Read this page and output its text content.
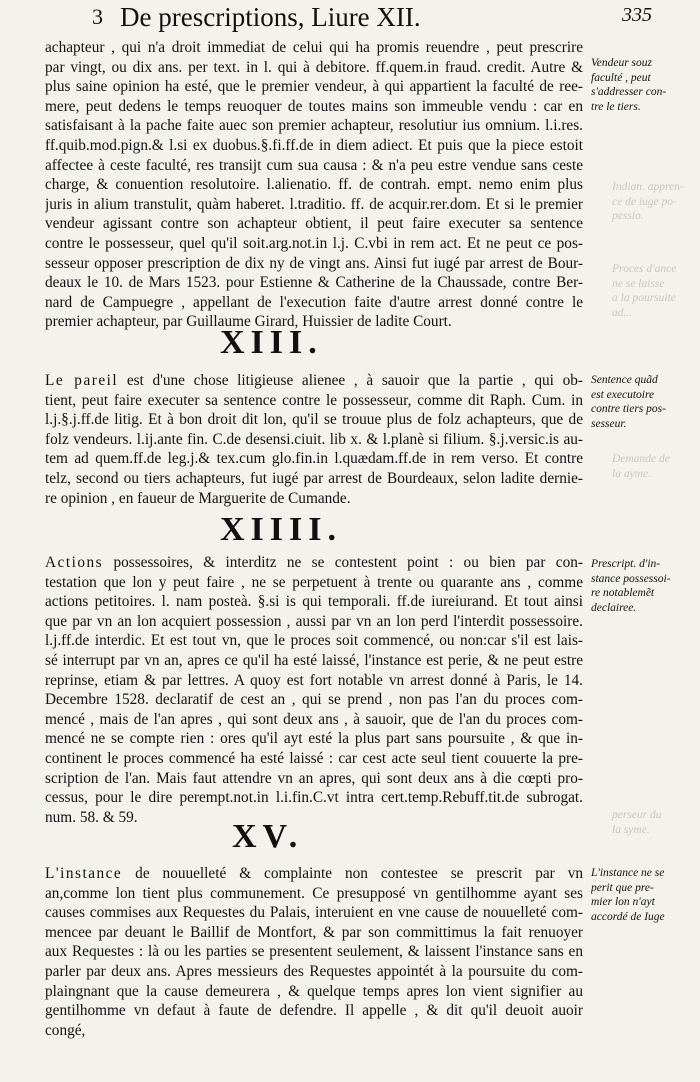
3 De prescriptions, Liure XII.	335
achapteur , qui n'a droit immediat de celui qui ha promis reuendre , peut prescrire
par vingt, ou dix ans. per text. in l. qui à debitore. ff.quem.in fraud. credit. Autre &
plus saine opinion ha esté, que le premier vendeur, à qui appartient la faculté de ree-
mere, peut dedens le temps reuoquer de toutes mains son immeuble vendu : car en
satisfaisant à la pache faite auec son premier achapteur, resolutiur ius omnium. l.i.res.
ff.quib.mod.pign.& l.si ex duobus.§.fi.ff.de in diem adiect. Et puis que la piece estoit
affectee à ceste faculté, res transijt cum sua causa : & n'a peu estre vendue sans ceste
charge, & conuention resolutoire. l.alienatio. ff. de contrah. empt. nemo enim plus
juris in alium transtulit, quàm haberet. l.traditio. ff. de acquir.rer.dom. Et si le premier
vendeur agissant contre son achapteur obtient, il peut faire executer sa sentence
contre le possesseur, quel qu'il soit.arg.not.in l.j. C.vbi in rem act. Et ne peut ce pos-
sesseur opposer prescription de dix ny de vingt ans. Ainsi fut iugé par arrest de Bour-
deaux le 10. de Mars 1523. pour Estienne & Catherine de la Chaussade, contre Ber-
nard de Campuegre , appellant de l'execution faite d'autre arrest donné contre le
premier achapteur, par Guillaume Girard, Huissier de ladite Court.
XIII.
Le pareil est d'une chose litigieuse alienee , à sauoir que la partie , qui ob-
tient, peut faire executer sa sentence contre le possesseur, comme dit Raph. Cum. in
l.j.§.j.ff.de litig. Et à bon droit dit lon, qu'il se trouue plus de folz achapteurs, que de
folz vendeurs. l.ij.ante fin. C.de desensi.ciuit. lib x. & l.planè si filium. §.j.versic.is au-
tem ad quem.ff.de leg.j.& tex.cum glo.fin.in l.quædam.ff.de in rem verso. Et contre
telz, second ou tiers achapteurs, fut iugé par arrest de Bourdeaux, selon ladite dernie-
re opinion , en faueur de Marguerite de Cumande.
XIIII.
Actions possessoires, & interditz ne se contestent point : ou bien par con-
testation que lon y peut faire , ne se perpetuent à trente ou quarante ans , comme
actions petitoires. l. nam posteà. §.si is qui temporali. ff.de iureiurand. Et tout ainsi
que par vn an lon acquiert possession , aussi par vn an lon perd l'interdit possessoire.
l.j.ff.de interdic. Et est tout vn, que le proces soit commencé, ou non:car s'il est lais-
sé interrupt par vn an, apres ce qu'il ha esté laissé, l'instance est perie, & ne peut estre
reprinse, etiam & par lettres. A quoy est fort notable vn arrest donné à Paris, le 14.
Decembre 1528. declaratif de cest an , qui se prend , non pas l'an du proces com-
mencé , mais de l'an apres , qui sont deux ans , à sauoir, que de l'an du proces com-
mencé ne se compte rien : ores qu'il ayt esté la plus part sans poursuite , & que in-
continent le proces commencé ha esté laissé : car cest acte seul tient couuerte la pre-
scription de l'an. Mais faut attendre vn an apres, qui sont deux ans à die cœpti pro-
cessus, pour le dire perempt.not.in l.i.fin.C.vt intra cert.temp.Rebuff.tit.de subrogat.
num. 58. & 59.
XV.
L'instance de nouuelleté & complainte non contestee se prescrit par vn
an,comme lon tient plus communement. Ce presupposé vn gentilhomme ayant ses
causes commises aux Requestes du Palais, interuient en vne cause de nouuelleté com-
mencee par deuant le Baillif de Montfort, & par son committimus la fait renuoyer
aux Requestes : là ou les parties se presentent seulement, & laissent l'instance sans en
parler par deux ans. Apres messieurs des Requestes appointét à la poursuite du com-
plaingnant que la cause demeurera , & quelque temps apres lon vient signifier au
gentilhomme vn defaut à faute de defendre. Il appelle , & dit qu'il deuoit auoir
congé,
Vendeur souz
faculté , peut
s'addresser con-
tre le tiers.
Sentence quãd
est executoire
contre tiers pos-
sesseur.
Prescript. d'in-
stance possessoi-
re notablemẽt
declairee.
L'instance ne se
perit que pre-
mier lon n'ayt
accordé de Iuge
Indian. appren-
ce de iuge po-
pessio.
Proces d'ance
ne se laisse
a la poursuite
ad...
Demande de
la ayme.
perseur du
la syme.
